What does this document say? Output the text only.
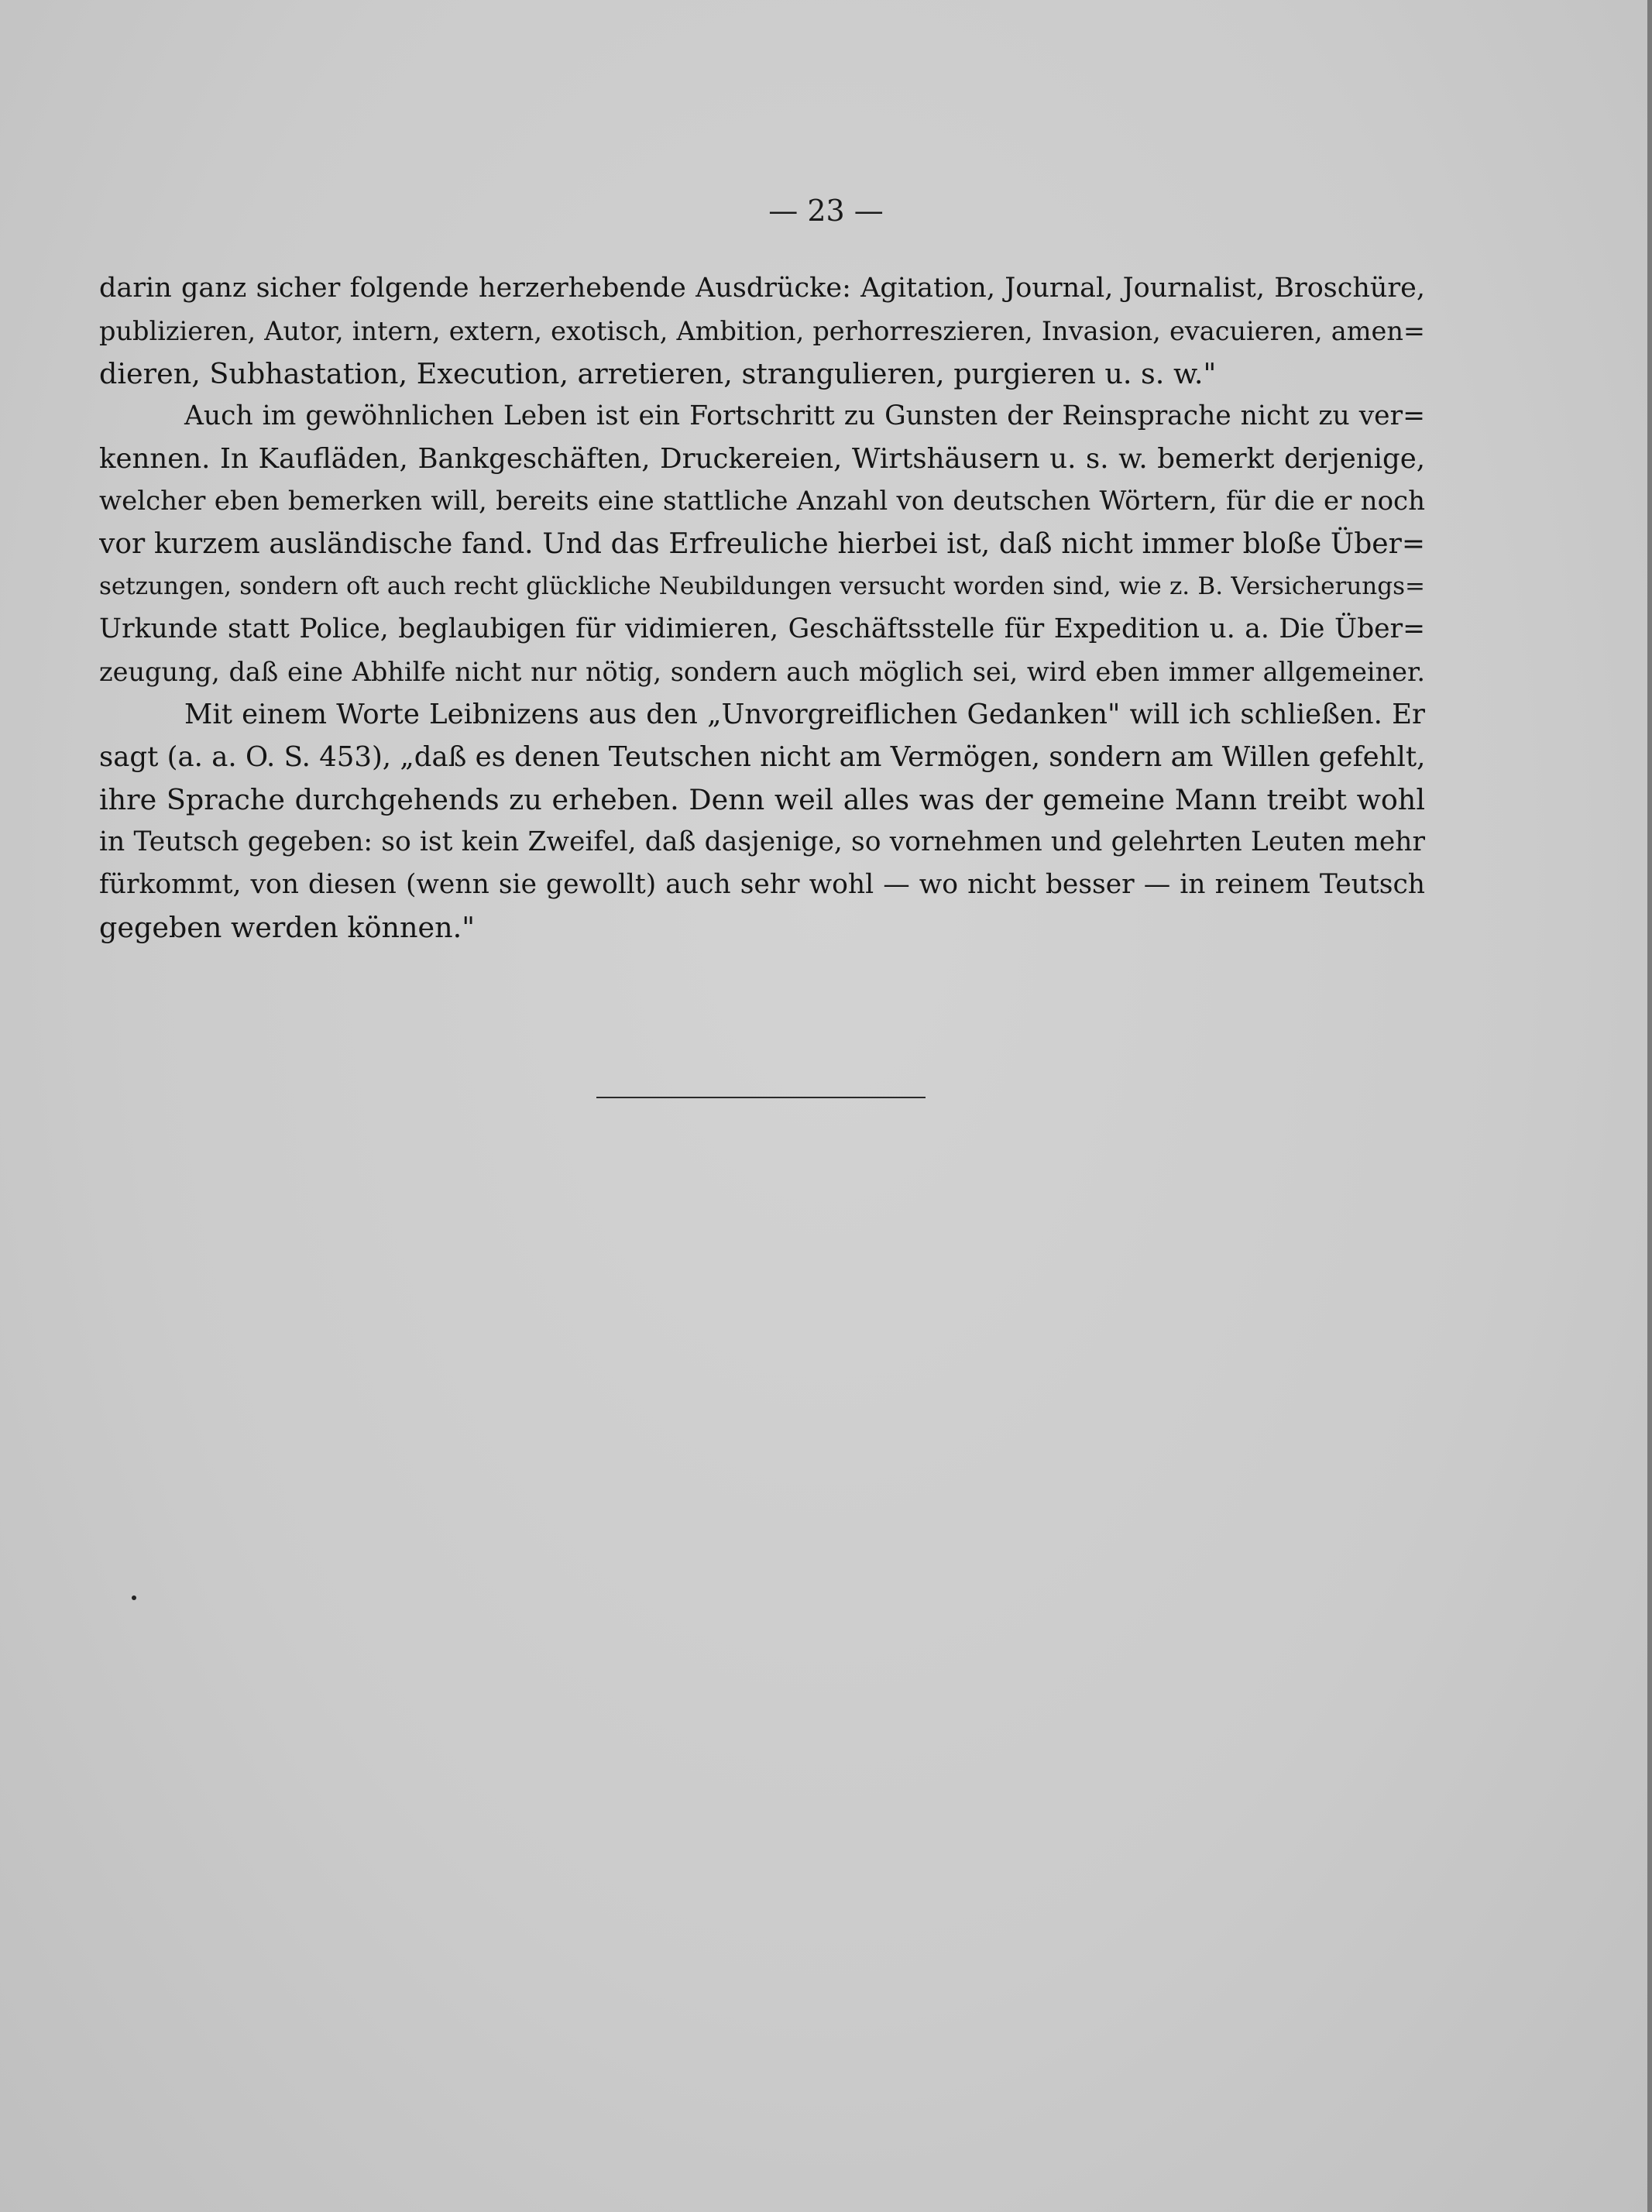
— 23 —
darin ganz sicher folgende herzerhebende Ausdrücke: Agitation, Journal, Journalist, Broschüre,
publizieren, Autor, intern, extern, exotisch, Ambition, perhorreszieren, Invasion, evacuieren, amen=
dieren, Subhastation, Execution, arretieren, strangulieren, purgieren u. s. w."
Auch im gewöhnlichen Leben ist ein Fortschritt zu Gunsten der Reinsprache nicht zu ver=
kennen. In Kaufläden, Bankgeschäften, Druckereien, Wirtshäusern u. s. w. bemerkt derjenige,
welcher eben bemerken will, bereits eine stattliche Anzahl von deutschen Wörtern, für die er noch
vor kurzem ausländische fand. Und das Erfreuliche hierbei ist, daß nicht immer bloße Über=
setzungen, sondern oft auch recht glückliche Neubildungen versucht worden sind, wie z. B. Versicherungs=
Urkunde statt Police, beglaubigen für vidimieren, Geschäftsstelle für Expedition u. a. Die Über=
zeugung, daß eine Abhilfe nicht nur nötig, sondern auch möglich sei, wird eben immer allgemeiner.
Mit einem Worte Leibnizens aus den „Unvorgreiflichen Gedanken" will ich schließen. Er
sagt (a. a. O. S. 453), „daß es denen Teutschen nicht am Vermögen, sondern am Willen gefehlt,
ihre Sprache durchgehends zu erheben. Denn weil alles was der gemeine Mann treibt wohl
in Teutsch gegeben: so ist kein Zweifel, daß dasjenige, so vornehmen und gelehrten Leuten mehr
fürkommt, von diesen (wenn sie gewollt) auch sehr wohl — wo nicht besser — in reinem Teutsch
gegeben werden können."
